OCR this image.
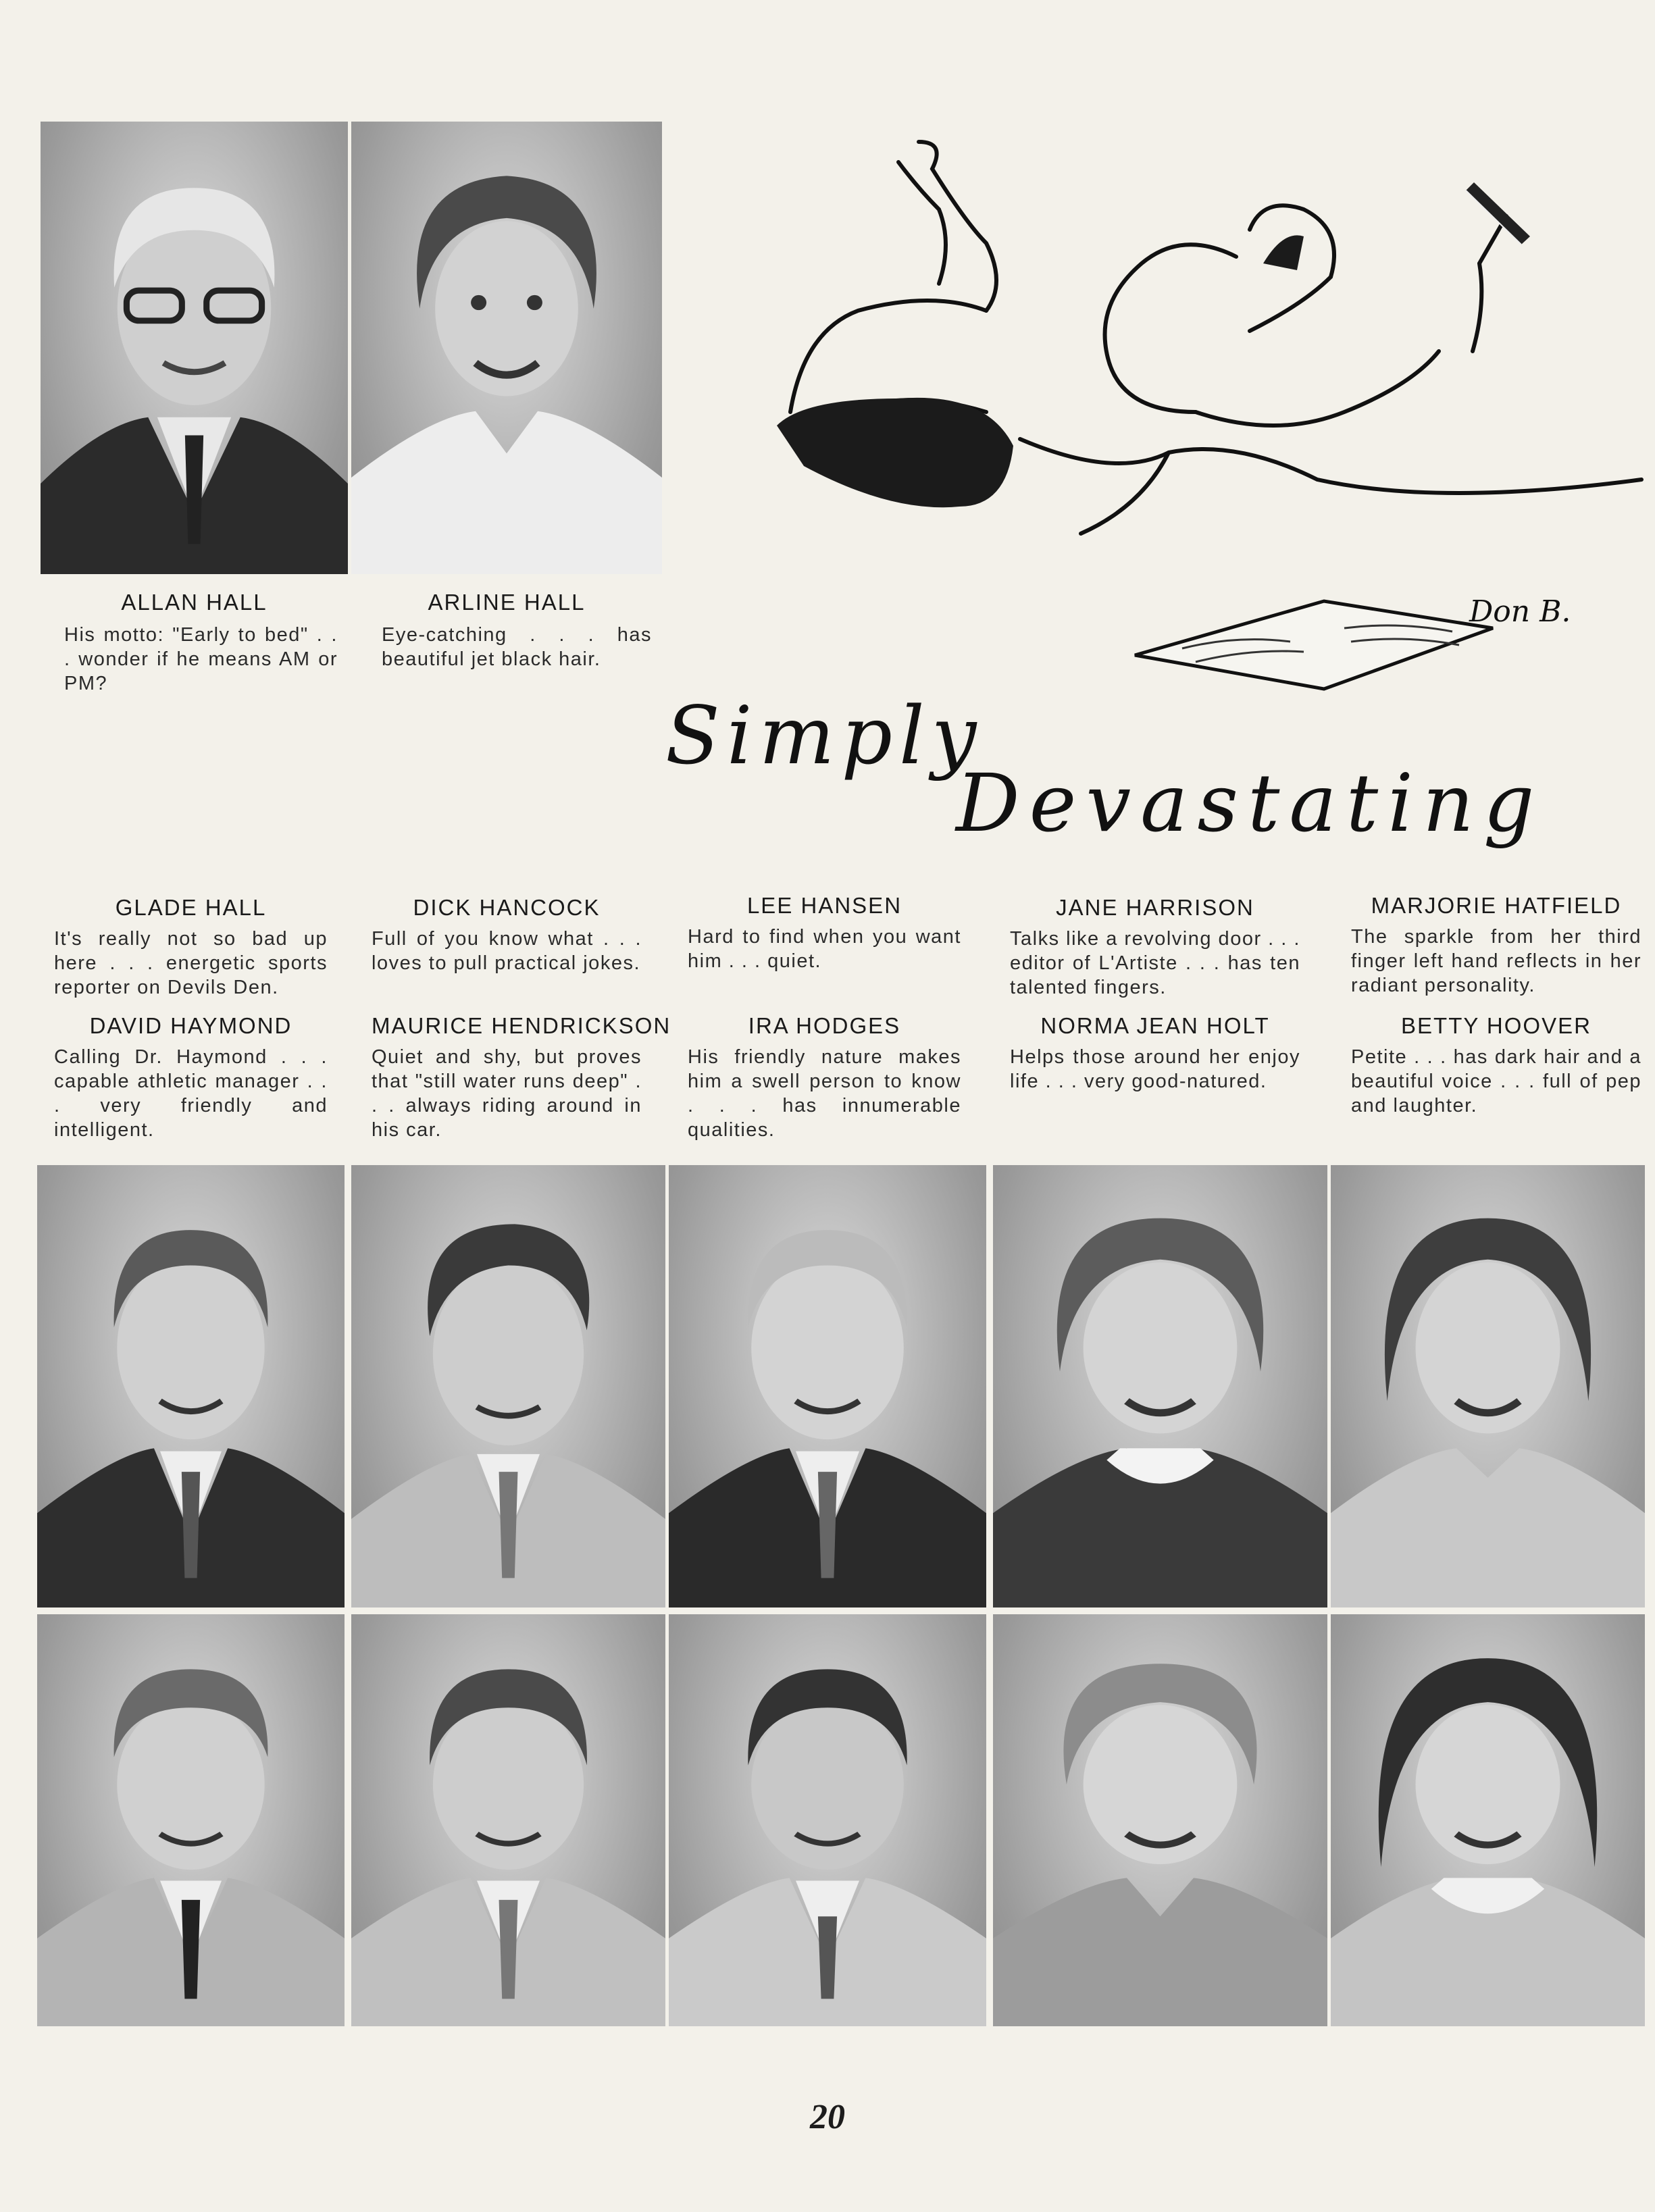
ALLAN HALL
His motto: "Early to bed" . . . wonder if he means AM or PM?
ARLINE HALL
Eye-catching . . . has beautiful jet black hair.
Don B.
Simply
Devastating
GLADE HALL
It's really not so bad up here . . . energetic sports reporter on Devils Den.
DICK HANCOCK
Full of you know what . . . loves to pull practical jokes.
LEE HANSEN
Hard to find when you want him . . . quiet.
JANE HARRISON
Talks like a revolving door . . . editor of L'Artiste . . . has ten talented fingers.
MARJORIE HATFIELD
The sparkle from her third finger left hand reflects in her radiant personality.
DAVID HAYMOND
Calling Dr. Haymond . . . capable athletic manager . . . very friendly and intelligent.
MAURICE HENDRICKSON
Quiet and shy, but proves that "still water runs deep" . . . always riding around in his car.
IRA HODGES
His friendly nature makes him a swell person to know . . . has innumerable qualities.
NORMA JEAN HOLT
Helps those around her enjoy life . . . very good-natured.
BETTY HOOVER
Petite . . . has dark hair and a beautiful voice . . . full of pep and laughter.
20
